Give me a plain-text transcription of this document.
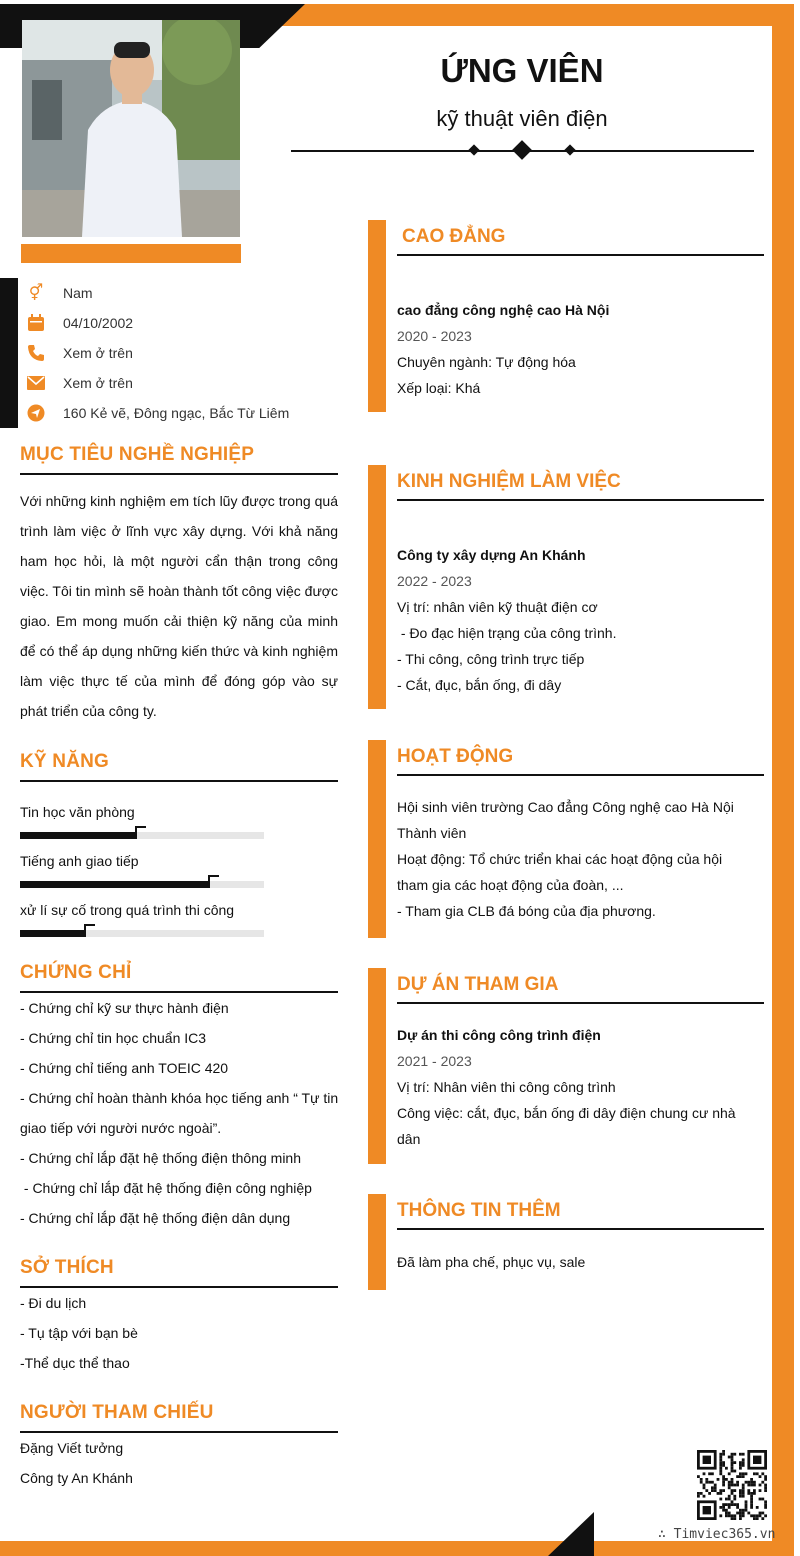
ỨNG VIÊN
kỹ thuật viên điện
⚥ Nam
04/10/2002
Xem ở trên
Xem ở trên
160 Kẻ vẽ, Đông ngạc, Bắc Từ Liêm
MỤC TIÊU NGHỀ NGHIỆP
Với những kinh nghiệm em tích lũy được trong quá trình làm việc ở lĩnh vực xây dựng. Với khả năng ham học hỏi, là một người cẩn thận trong công việc. Tôi tin mình sẽ hoàn thành tốt công việc được giao. Em mong muốn cải thiện kỹ năng của minh để có thể áp dụng những kiến thức và kinh nghiệm làm việc thực tế của mình để đóng góp vào sự phát triển của công ty.
KỸ NĂNG
Tin học văn phòng
Tiếng anh giao tiếp
xử lí sự cố trong quá trình thi công
CHỨNG CHỈ
- Chứng chỉ kỹ sư thực hành điện
- Chứng chỉ tin học chuẩn IC3
- Chứng chỉ tiếng anh TOEIC 420
- Chứng chỉ hoàn thành khóa học tiếng anh “ Tự tin giao tiếp với người nước ngoài”.
- Chứng chỉ lắp đặt hệ thống điện thông minh
- Chứng chỉ lắp đặt hệ thống điện công nghiệp
- Chứng chỉ lắp đặt hệ thống điện dân dụng
SỞ THÍCH
- Đi du lịch
- Tụ tập với bạn bè
-Thể dục thể thao
NGƯỜI THAM CHIẾU
Đặng Viết tưởng
Công ty An Khánh
CAO ĐẲNG
cao đẳng công nghệ cao Hà Nội
2020 - 2023
Chuyên ngành: Tự động hóa
Xếp loại: Khá
KINH NGHIỆM LÀM VIỆC
Công ty xây dựng An Khánh
2022 - 2023
Vị trí: nhân viên kỹ thuật điện cơ
- Đo đạc hiện trạng của công trình.
- Thi công, công trình trực tiếp
- Cắt, đục, bắn ống, đi dây
HOẠT ĐỘNG
Hội sinh viên trường Cao đẳng Công nghệ cao Hà Nội
Thành viên
Hoạt động: Tổ chức triển khai các hoạt động của hội
tham gia các hoạt động của đoàn, ...
- Tham gia CLB đá bóng của địa phương.
DỰ ÁN THAM GIA
Dự án thi công công trình điện
2021 - 2023
Vị trí: Nhân viên thi công công trình
Công việc: cắt, đục, bắn ống đi dây điện chung cư nhà
dân
THÔNG TIN THÊM
Đã làm pha chế, phục vụ, sale
∴ Timviec365.vn
